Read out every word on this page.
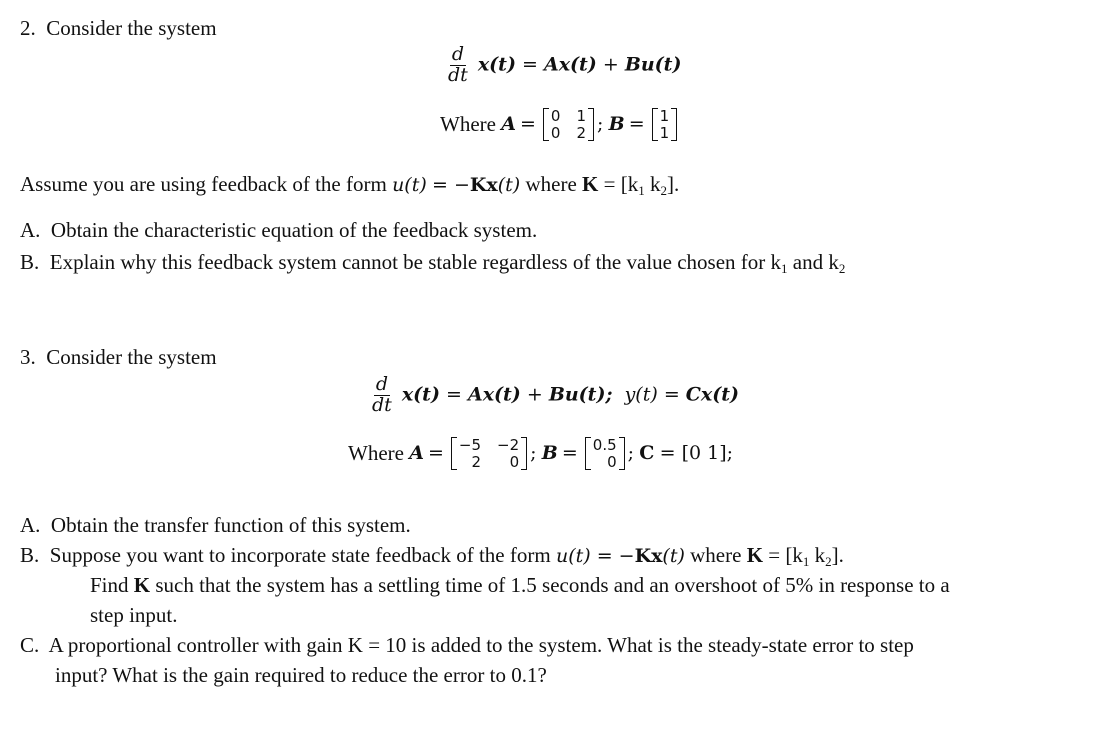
2. Consider the system
$\frac{d}{dt} x(t) = Ax(t) + Bu(t)$
Where
A = 0 1
0 2 ;
B = 1
1
Assume you are using feedback of the form u(t) = −Kx(t) where $K = [k_1$ $k_2$].
A. Obtain the characteristic equation of the feedback system.
B. Explain why this feedback system cannot be stable regardless of the value chosen for $k_1$ and $k_2$
3. Consider the system
$\frac{d}{dt} x(t) = Ax(t) + Bu(t)$; y(t) = Cx(t)
Where
A = −5 −2
2	0 ;
B = 0.5
0 ;
C
= [0 1];
A. Obtain the transfer function of this system.
B. Suppose you want to incorporate state feedback of the form u(t) = −Kx(t) where $K = [k_1$ $k_2$].
Find K such that the system has a settling time of 1.5 seconds and an overshoot of 5% in response to a
step input.
C. A proportional controller with gain K = 10 is added to the system. What is the steady-state error to step
input? What is the gain required to reduce the error to 0.1?
